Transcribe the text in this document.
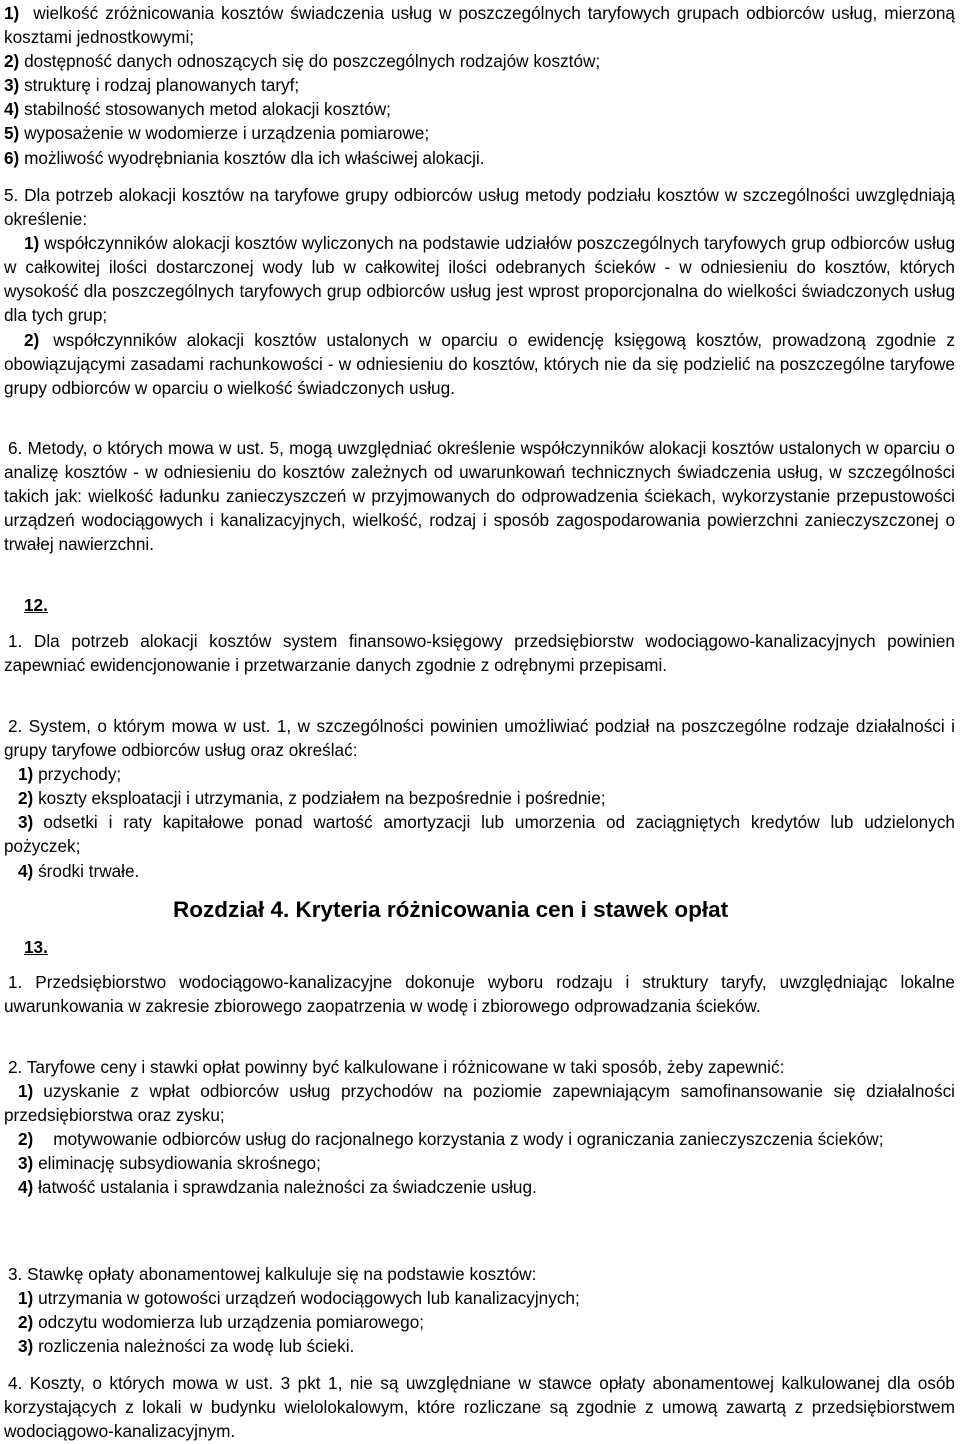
1) wielkość zróżnicowania kosztów świadczenia usług w poszczególnych taryfowych grupach odbiorców usług, mierzoną kosztami jednostkowymi;

2) dostępność danych odnoszących się do poszczególnych rodzajów kosztów;

3) strukturę i rodzaj planowanych taryf;

4) stabilność stosowanych metod alokacji kosztów;

5) wyposażenie w wodomierze i urządzenia pomiarowe;

6) możliwość wyodrębniania kosztów dla ich właściwej alokacji.

5. Dla potrzeb alokacji kosztów na taryfowe grupy odbiorców usług metody podziału kosztów w szczególności uwzględniają określenie:

1) współczynników alokacji kosztów wyliczonych na podstawie udziałów poszczególnych taryfowych grup odbiorców usług w całkowitej ilości dostarczonej wody lub w całkowitej ilości odebranych ścieków - w odniesieniu do kosztów, których wysokość dla poszczególnych taryfowych grup odbiorców usług jest wprost proporcjonalna do wielkości świadczonych usług dla tych grup;

2) współczynników alokacji kosztów ustalonych w oparciu o ewidencję księgową kosztów, prowadzoną zgodnie z obowiązującymi zasadami rachunkowości - w odniesieniu do kosztów, których nie da się podzielić na poszczególne taryfowe grupy odbiorców w oparciu o wielkość świadczonych usług.

6. Metody, o których mowa w ust. 5, mogą uwzględniać określenie współczynników alokacji kosztów ustalonych w oparciu o analizę kosztów - w odniesieniu do kosztów zależnych od uwarunkowań technicznych świadczenia usług, w szczególności takich jak: wielkość ładunku zanieczyszczeń w przyjmowanych do odprowadzenia ściekach, wykorzystanie przepustowości urządzeń wodociągowych i kanalizacyjnych, wielkość, rodzaj i sposób zagospodarowania powierzchni zanieczyszczonej o trwałej nawierzchni.

12.

1. Dla potrzeb alokacji kosztów system finansowo-księgowy przedsiębiorstw wodociągowo-kanalizacyjnych powinien zapewniać ewidencjonowanie i przetwarzanie danych zgodnie z odrębnymi przepisami.

2. System, o którym mowa w ust. 1, w szczególności powinien umożliwiać podział na poszczególne rodzaje działalności i grupy taryfowe odbiorców usług oraz określać:

1) przychody;

2) koszty eksploatacji i utrzymania, z podziałem na bezpośrednie i pośrednie;

3) odsetki i raty kapitałowe ponad wartość amortyzacji lub umorzenia od zaciągniętych kredytów lub udzielonych pożyczek;

4) środki trwałe.

Rozdział 4. Kryteria różnicowania cen i stawek opłat
13.

1. Przedsiębiorstwo wodociągowo-kanalizacyjne dokonuje wyboru rodzaju i struktury taryfy, uwzględniając lokalne uwarunkowania w zakresie zbiorowego zaopatrzenia w wodę i zbiorowego odprowadzania ścieków.

2. Taryfowe ceny i stawki opłat powinny być kalkulowane i różnicowane w taki sposób, żeby zapewnić:

1) uzyskanie z wpłat odbiorców usług przychodów na poziomie zapewniającym samofinansowanie się działalności przedsiębiorstwa oraz zysku;

2) motywowanie odbiorców usług do racjonalnego korzystania z wody i ograniczania zanieczyszczenia ścieków;

3) eliminację subsydiowania skrośnego;

4) łatwość ustalania i sprawdzania należności za świadczenie usług.

3. Stawkę opłaty abonamentowej kalkuluje się na podstawie kosztów:

1) utrzymania w gotowości urządzeń wodociągowych lub kanalizacyjnych;

2) odczytu wodomierza lub urządzenia pomiarowego;

3) rozliczenia należności za wodę lub ścieki.

4. Koszty, o których mowa w ust. 3 pkt 1, nie są uwzględniane w stawce opłaty abonamentowej kalkulowanej dla osób korzystających z lokali w budynku wielolokalowym, które rozliczane są zgodnie z umową zawartą z przedsiębiorstwem wodociągowo-kanalizacyjnym.
